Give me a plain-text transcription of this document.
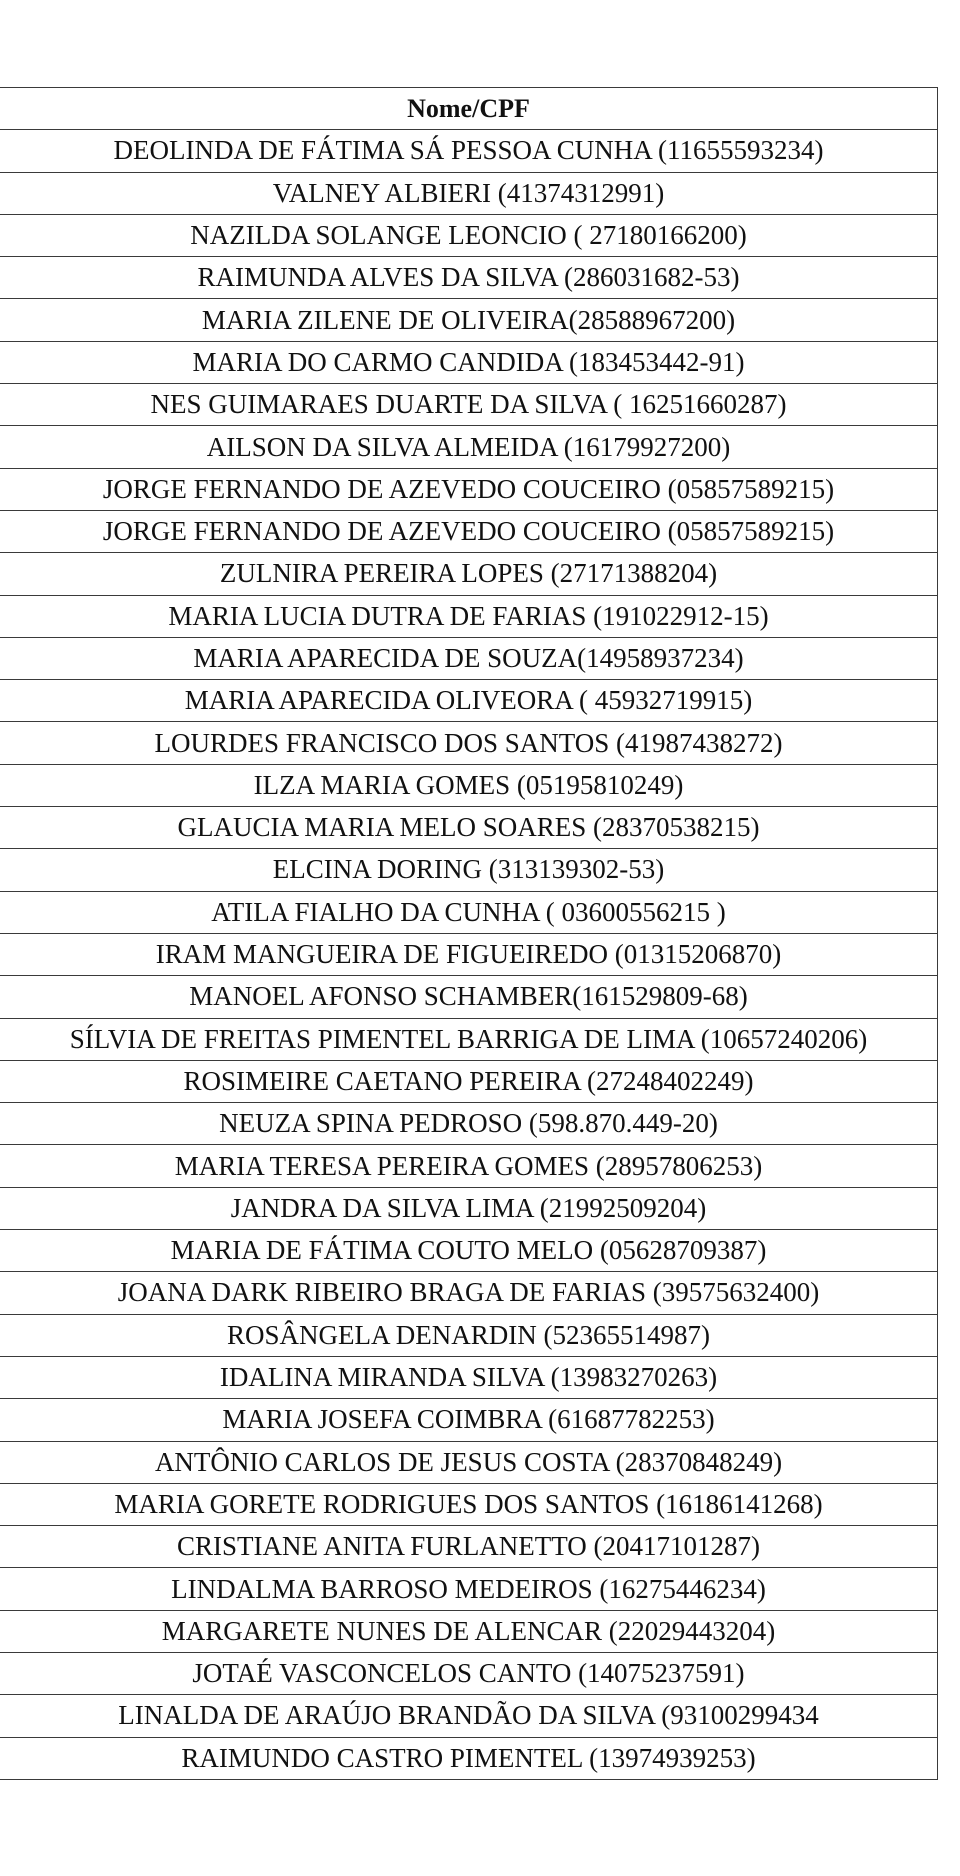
Nome/CPF
DEOLINDA DE FÁTIMA SÁ PESSOA CUNHA (11655593234)
VALNEY ALBIERI (41374312991)
NAZILDA SOLANGE LEONCIO ( 27180166200)
RAIMUNDA ALVES DA SILVA (286031682-53)
MARIA ZILENE DE OLIVEIRA(28588967200)
MARIA DO CARMO CANDIDA (183453442-91)
NES GUIMARAES DUARTE DA SILVA ( 16251660287)
AILSON DA SILVA ALMEIDA (16179927200)
JORGE FERNANDO DE AZEVEDO COUCEIRO (05857589215)
JORGE FERNANDO DE AZEVEDO COUCEIRO (05857589215)
ZULNIRA PEREIRA LOPES (27171388204)
MARIA LUCIA DUTRA DE FARIAS (191022912-15)
MARIA APARECIDA DE SOUZA(14958937234)
MARIA APARECIDA OLIVEORA ( 45932719915)
LOURDES FRANCISCO DOS SANTOS (41987438272)
ILZA MARIA GOMES (05195810249)
GLAUCIA MARIA MELO SOARES (28370538215)
ELCINA DORING (313139302-53)
ATILA FIALHO DA CUNHA ( 03600556215 )
IRAM MANGUEIRA DE FIGUEIREDO (01315206870)
MANOEL AFONSO SCHAMBER(161529809-68)
SÍLVIA DE FREITAS PIMENTEL BARRIGA DE LIMA (10657240206)
ROSIMEIRE CAETANO PEREIRA (27248402249)
NEUZA SPINA PEDROSO (598.870.449-20)
MARIA TERESA PEREIRA GOMES (28957806253)
JANDRA DA SILVA LIMA (21992509204)
MARIA DE FÁTIMA COUTO MELO (05628709387)
JOANA DARK RIBEIRO BRAGA DE FARIAS (39575632400)
ROSÂNGELA DENARDIN (52365514987)
IDALINA MIRANDA SILVA (13983270263)
MARIA JOSEFA COIMBRA (61687782253)
ANTÔNIO CARLOS DE JESUS COSTA (28370848249)
MARIA GORETE RODRIGUES DOS SANTOS (16186141268)
CRISTIANE ANITA FURLANETTO (20417101287)
LINDALMA BARROSO MEDEIROS (16275446234)
MARGARETE NUNES DE ALENCAR (22029443204)
JOTAÉ VASCONCELOS CANTO (14075237591)
LINALDA DE ARAÚJO BRANDÃO DA SILVA (93100299434
RAIMUNDO CASTRO PIMENTEL (13974939253)
